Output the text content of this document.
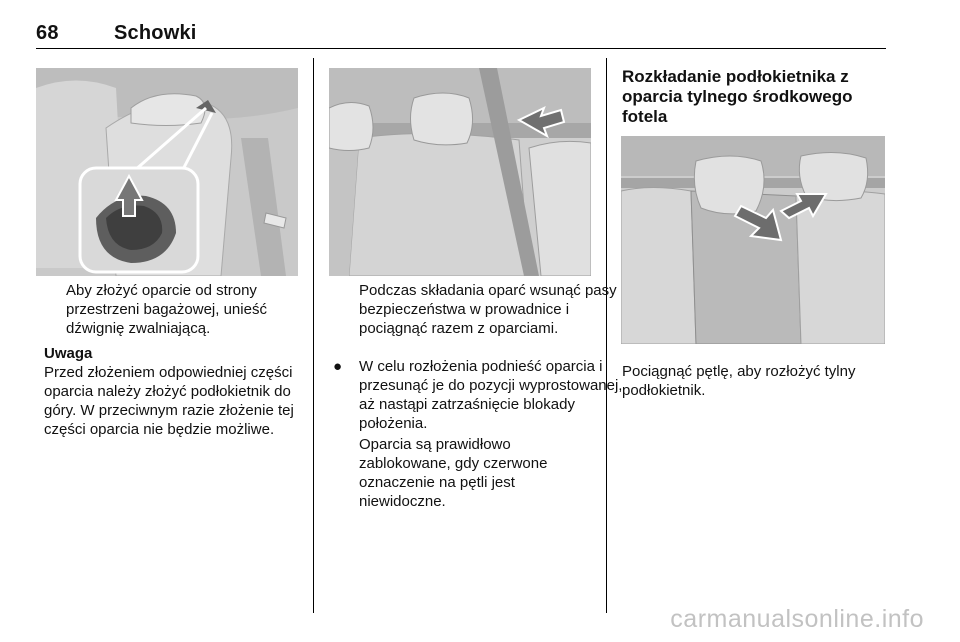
68	Schowki
Aby złożyć oparcie od strony przestrzeni bagażowej, unieść dźwignię zwalniającą.

Uwaga

Przed złożeniem odpowiedniej części oparcia należy złożyć podłokietnik do góry. W przeciwnym razie złożenie tej części oparcia nie będzie możliwe.

Podczas składania oparć wsunąć pasy bezpieczeństwa w prowadnice i pociągnąć razem z oparciami.
● W celu rozłożenia podnieść oparcia i przesunąć je do pozycji wyprostowanej, aż nastąpi zatrzaśnięcie blokady położenia.
Oparcia są prawidłowo zablokowane, gdy czerwone oznaczenie na pętli jest niewidoczne.
Rozkładanie podłokietnika z oparcia tylnego środkowego fotela
Pociągnąć pętlę, aby rozłożyć tylny podłokietnik.
carmanualsonline.info
